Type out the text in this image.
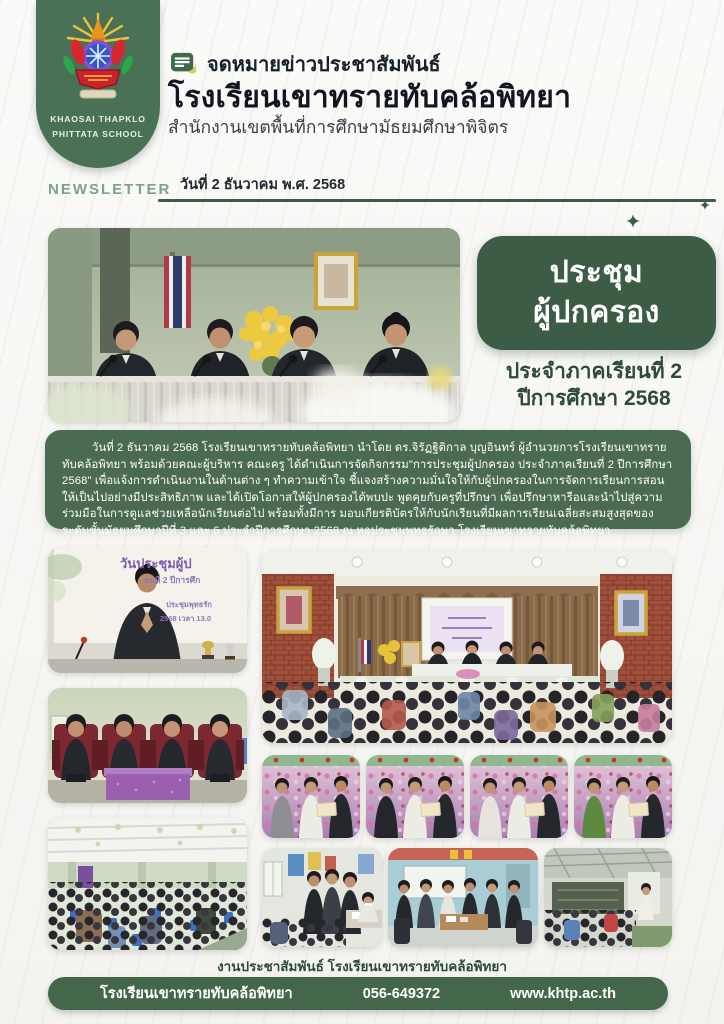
KHAOSAI THAPKLO
PHITTATA SCHOOL
จดหมายข่าวประชาสัมพันธ์
โรงเรียนเขาทรายทับคล้อพิทยา
สำนักงานเขตพื้นที่การศึกษามัธยมศึกษาพิจิตร
NEWSLETTER วันที่ 2 ธันวาคม พ.ศ. 2568
ประชุม
ผู้ปกครอง
ประจำภาคเรียนที่ 2
ปีการศึกษา 2568

วันที่ 2 ธันวาคม 2568 โรงเรียนเขาทรายทับคล้อพิทยา นำโดย ดร.จิรัฏฐิติกาล บุญอินทร์ ผู้อำนวยการโรงเรียนเขาทรายทับคล้อพิทยา พร้อมด้วยคณะผู้บริหาร คณะครู ได้ดำเนินการจัดกิจกรรม"การประชุมผู้ปกครอง ประจำภาคเรียนที่ 2 ปีการศึกษา 2568" เพื่อแจ้งการดำเนินงานในด้านต่าง ๆ ทำความเข้าใจ ชี้แจงสร้างความมั่นใจให้กับผู้ปกครองในการจัดการเรียนการสอน ให้เป็นไปอย่างมีประสิทธิภาพ และได้เปิดโอกาสให้ผู้ปกครองได้พบปะ พูดคุยกับครูที่ปรึกษา เพื่อปรึกษาหารือและนำไปสู่ความร่วมมือในการดูแลช่วยเหลือนักเรียนต่อไป พร้อมทั้งมีการ มอบเกียรติบัตรให้กับนักเรียนที่มีผลการเรียนเฉลี่ยสะสมสูงสุดของระดับชั้นมัธยมศึกษาปีที่ 3 และ 6 ประจำปีการศึกษา 2568 ณ หอประชุมพุทธรักษา โรงเรียนเขาทรายทับคล้อพิทยา

วันประชุมผู้ป
ยนที่ 2 ปีการศึก
ประชุมพุทธรัก
2568 เวลา 13.0
งานประชาสัมพันธ์ โรงเรียนเขาทรายทับคล้อพิทยา
โรงเรียนเขาทรายทับคล้อพิทยา	056-649372	www.khtp.ac.th
